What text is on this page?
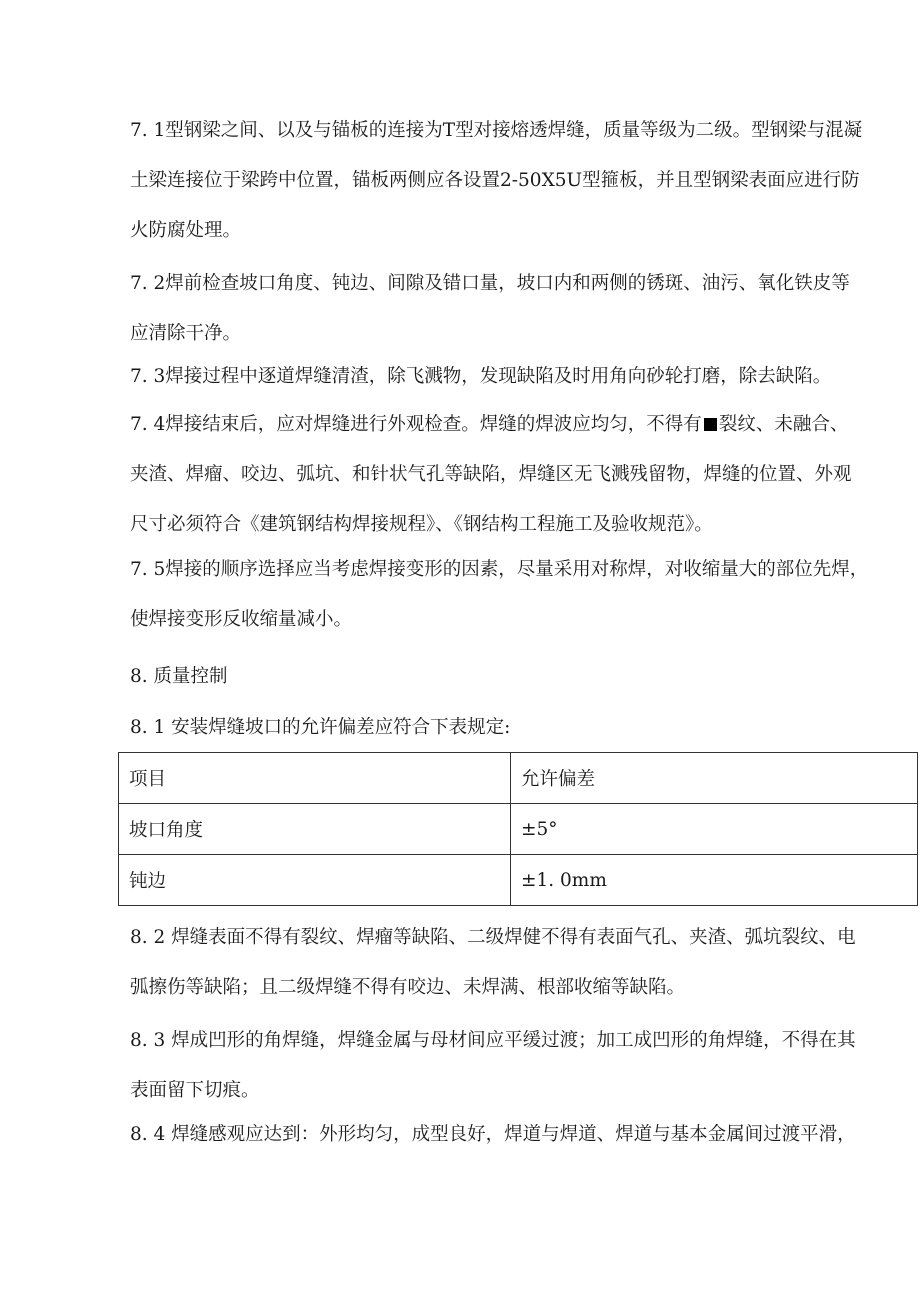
7. 1型钢梁之间、以及与锚板的连接为T型对接熔透焊缝，质量等级为二级。型钢梁与混凝
土梁连接位于梁跨中位置，锚板两侧应各设置2-50X5U型箍板，并且型钢梁表面应进行防
火防腐处理。
7. 2焊前检查坡口角度、钝边、间隙及错口量，坡口内和两侧的锈斑、油污、氧化铁皮等
应清除干净。
7. 3焊接过程中逐道焊缝清渣，除飞溅物，发现缺陷及时用角向砂轮打磨，除去缺陷。
7. 4焊接结束后，应对焊缝进行外观检查。焊缝的焊波应均匀，不得有 裂纹、未融合、
夹渣、焊瘤、咬边、弧坑、和针状气孔等缺陷，焊缝区无飞溅残留物，焊缝的位置、外观
尺寸必须符合《建筑钢结构焊接规程》、《钢结构工程施工及验收规范》。
7. 5焊接的顺序选择应当考虑焊接变形的因素，尽量采用对称焊，对收缩量大的部位先焊，
使焊接变形反收缩量减小。
8. 质量控制
8. 1 安装焊缝坡口的允许偏差应符合下表规定:
项目	允许偏差
坡口角度	±5°
钝边	±1. 0mm
8. 2 焊缝表面不得有裂纹、焊瘤等缺陷、二级焊健不得有表面气孔、夹渣、弧坑裂纹、电
弧擦伤等缺陷；且二级焊缝不得有咬边、未焊满、根部收缩等缺陷。
8. 3 焊成凹形的角焊缝，焊缝金属与母材间应平缓过渡；加工成凹形的角焊缝，不得在其
表面留下切痕。
8. 4 焊缝感观应达到：外形均匀，成型良好，焊道与焊道、焊道与基本金属间过渡平滑，
